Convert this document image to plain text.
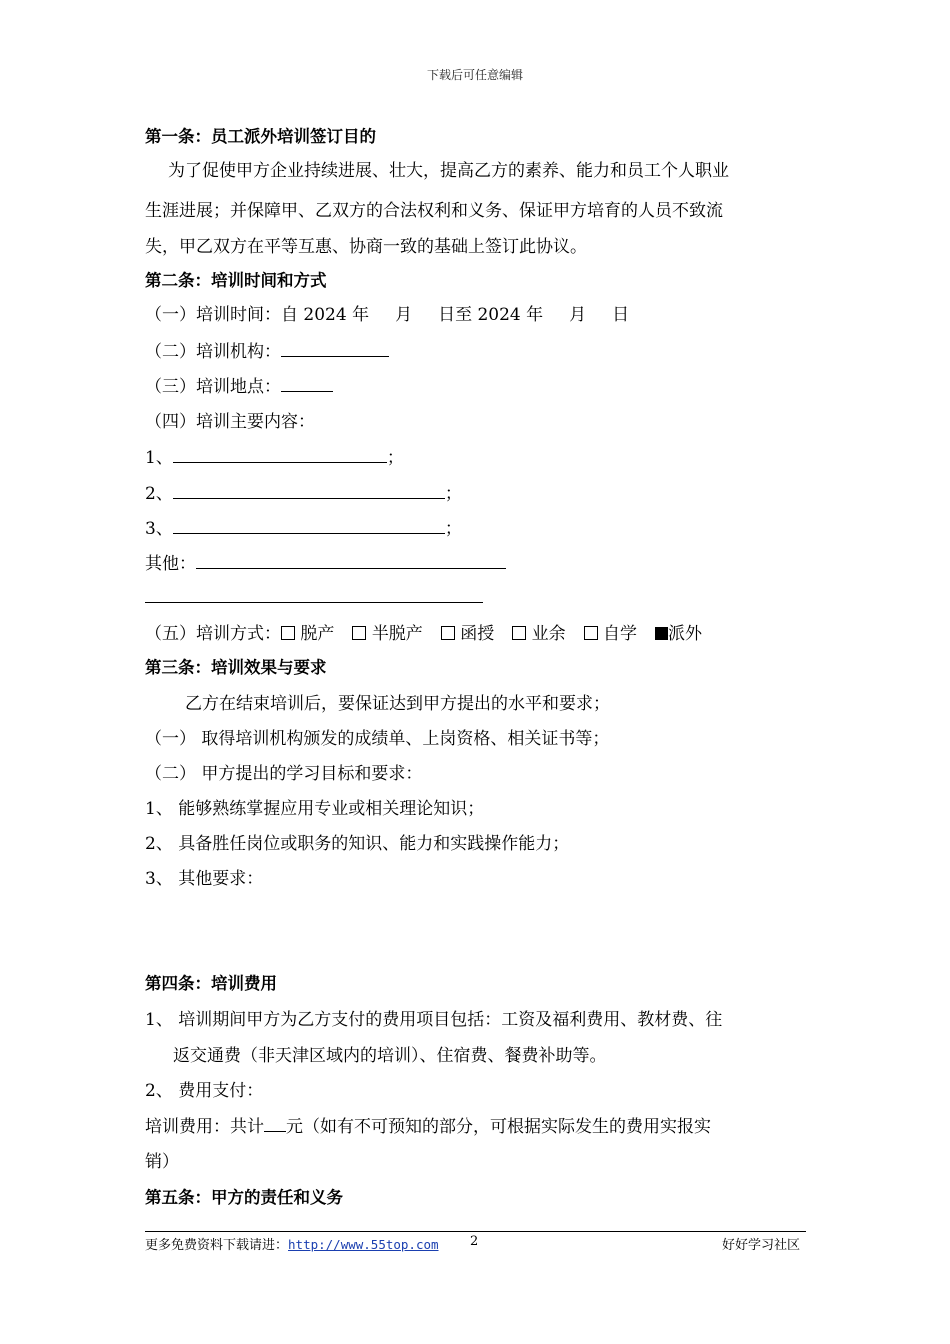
下载后可任意编辑
第一条：员工派外培训签订目的
为了促使甲方企业持续进展、壮大，提高乙方的素养、能力和员工个人职业
生涯进展；并保障甲、乙双方的合法权利和义务、保证甲方培育的人员不致流
失，甲乙双方在平等互惠、协商一致的基础上签订此协议。
第二条：培训时间和方式
（一）培训时间：自 2024 年 月 日至 2024 年 月 日
（二）培训机构：
（三）培训地点：
（四）培训主要内容：
1、	；
2、	；
3、	；
其他：
（五）培训方式： 脱产 半脱产 函授 业余 自学 派外
第三条：培训效果与要求
乙方在结束培训后，要保证达到甲方提出的水平和要求；
（一） 取得培训机构颁发的成绩单、上岗资格、相关证书等；
（二） 甲方提出的学习目标和要求：
1、 能够熟练掌握应用专业或相关理论知识；
2、 具备胜任岗位或职务的知识、能力和实践操作能力；
3、 其他要求：
第四条：培训费用
1、 培训期间甲方为乙方支付的费用项目包括：工资及福利费用、教材费、往
返交通费（非天津区域内的培训）、住宿费、餐费补助等。
2、 费用支付：
培训费用：共计 元（如有不可预知的部分，可根据实际发生的费用实报实
销）
第五条：甲方的责任和义务
更多免费资料下载请进：http://www.55top.com 2	好好学习社区
